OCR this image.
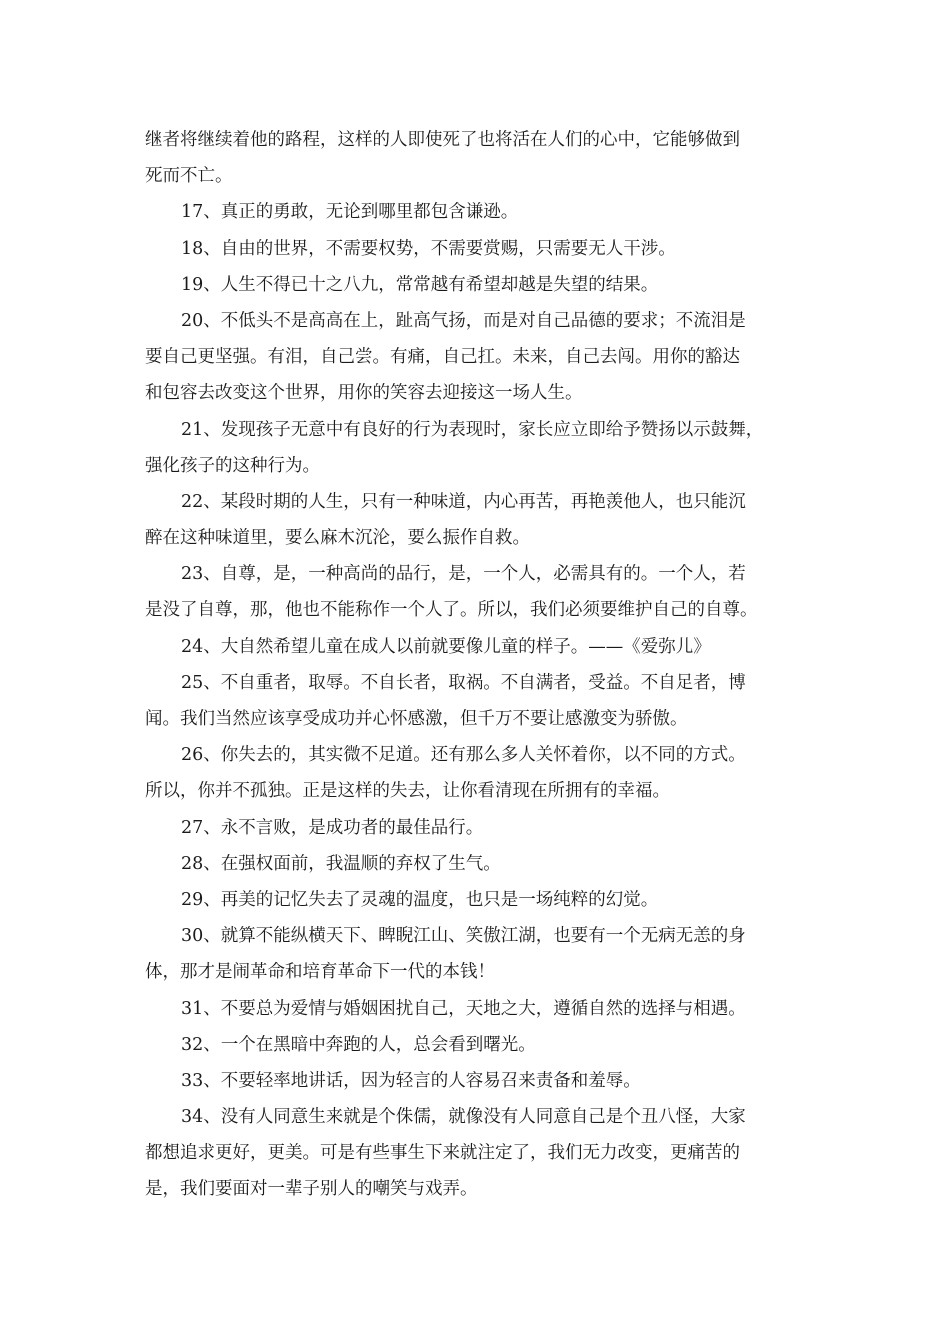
继者将继续着他的路程，这样的人即使死了也将活在人们的心中，它能够做到
死而不亡。
17、真正的勇敢，无论到哪里都包含谦逊。
18、自由的世界，不需要权势，不需要赏赐，只需要无人干涉。
19、人生不得已十之八九，常常越有希望却越是失望的结果。
20、不低头不是高高在上，趾高气扬，而是对自己品德的要求；不流泪是
要自己更坚强。有泪，自己尝。有痛，自己扛。未来，自己去闯。用你的豁达
和包容去改变这个世界，用你的笑容去迎接这一场人生。
21、发现孩子无意中有良好的行为表现时，家长应立即给予赞扬以示鼓舞，
强化孩子的这种行为。
22、某段时期的人生，只有一种味道，内心再苦，再艳羡他人，也只能沉
醉在这种味道里，要么麻木沉沦，要么振作自救。
23、自尊，是，一种高尚的品行，是，一个人，必需具有的。一个人，若
是没了自尊，那，他也不能称作一个人了。所以，我们必须要维护自己的自尊。
24、大自然希望儿童在成人以前就要像儿童的样子。——《爱弥儿》
25、不自重者，取辱。不自长者，取祸。不自满者，受益。不自足者，博
闻。我们当然应该享受成功并心怀感激，但千万不要让感激变为骄傲。
26、你失去的，其实微不足道。还有那么多人关怀着你，以不同的方式。
所以，你并不孤独。正是这样的失去，让你看清现在所拥有的幸福。
27、永不言败，是成功者的最佳品行。
28、在强权面前，我温顺的弃权了生气。
29、再美的记忆失去了灵魂的温度，也只是一场纯粹的幻觉。
30、就算不能纵横天下、睥睨江山、笑傲江湖，也要有一个无病无恙的身
体，那才是闹革命和培育革命下一代的本钱！
31、不要总为爱情与婚姻困扰自己，天地之大，遵循自然的选择与相遇。
32、一个在黑暗中奔跑的人，总会看到曙光。
33、不要轻率地讲话，因为轻言的人容易召来责备和羞辱。
34、没有人同意生来就是个侏儒，就像没有人同意自己是个丑八怪，大家
都想追求更好，更美。可是有些事生下来就注定了，我们无力改变，更痛苦的
是，我们要面对一辈子别人的嘲笑与戏弄。
